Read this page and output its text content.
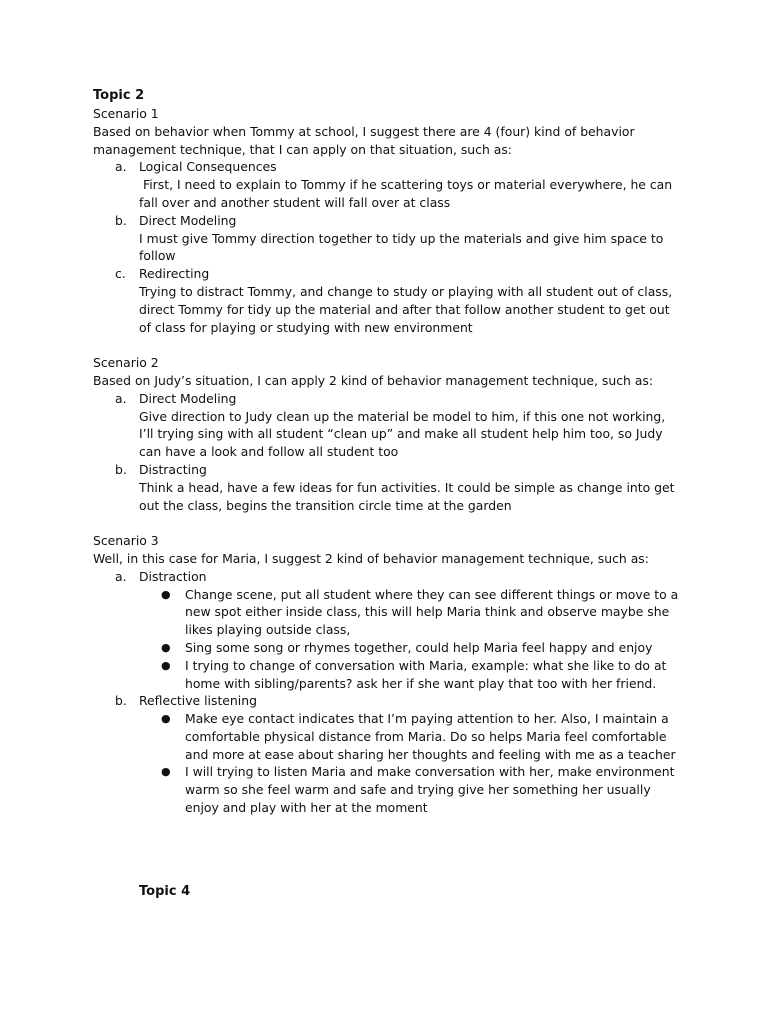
Topic 2

Scenario 1

Based on behavior when Tommy at school, I suggest there are 4 (four) kind of behavior management technique, that I can apply on that situation, such as:

a. Logical Consequences

First, I need to explain to Tommy if he scattering toys or material everywhere, he can fall over and another student will fall over at class

b. Direct Modeling

I must give Tommy direction together to tidy up the materials and give him space to follow

c. Redirecting

Trying to distract Tommy, and change to study or playing with all student out of class, direct Tommy for tidy up the material and after that follow another student to get out of class for playing or studying with new environment

Scenario 2

Based on Judy’s situation, I can apply 2 kind of behavior management technique, such as:

a. Direct Modeling

Give direction to Judy clean up the material be model to him, if this one not working, I’ll trying sing with all student “clean up” and make all student help him too, so Judy can have a look and follow all student too

b. Distracting

Think a head, have a few ideas for fun activities. It could be simple as change into get out the class, begins the transition circle time at the garden

Scenario 3

Well, in this case for Maria, I suggest 2 kind of behavior management technique, such as:

a. Distraction

● Change scene, put all student where they can see different things or move to a new spot either inside class, this will help Maria think and observe maybe she likes playing outside class,

● Sing some song or rhymes together, could help Maria feel happy and enjoy

● I trying to change of conversation with Maria, example: what she like to do at home with sibling/parents? ask her if she want play that too with her friend.

b. Reflective listening

● Make eye contact indicates that I’m paying attention to her. Also, I maintain a comfortable physical distance from Maria. Do so helps Maria feel comfortable and more at ease about sharing her thoughts and feeling with me as a teacher

● I will trying to listen Maria and make conversation with her, make environment warm so she feel warm and safe and trying give her something her usually enjoy and play with her at the moment

Topic 4
